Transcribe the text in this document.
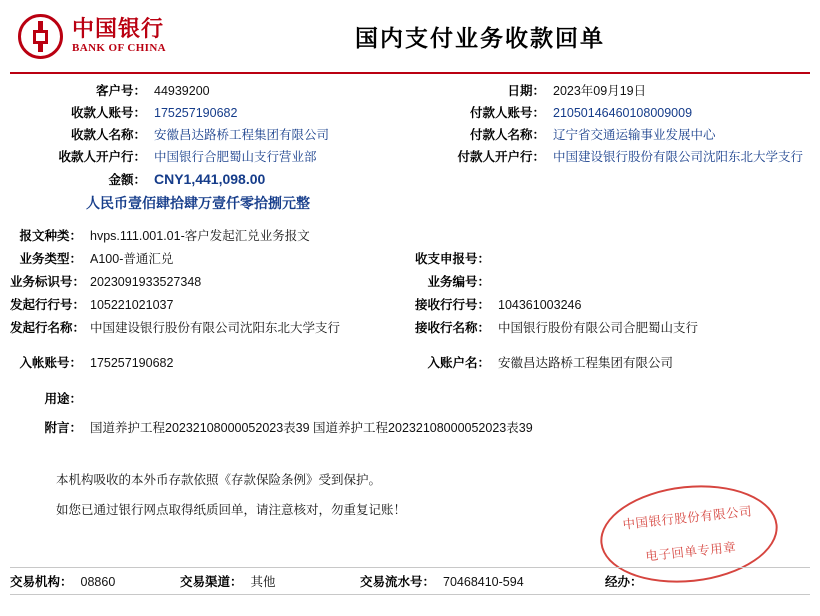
中国银行
BANK OF CHINA	国内支付业务收款回单
客户号： 44939200	日期： 2023年09月19日
收款人账号： 175257190682	付款人账号： 21050146460108009009
收款人名称： 安徽昌达路桥工程集团有限公司	付款人名称： 辽宁省交通运输事业发展中心
收款人开户行： 中国银行合肥蜀山支行营业部	付款人开户行： 中国建设银行股份有限公司沈阳东北大学支行
金额： CNY1,441,098.00
人民币壹佰肆拾肆万壹仟零拾捌元整
报文种类： hvps.111.001.01-客户发起汇兑业务报文
业务类型： A100-普通汇兑	收支申报号：
业务标识号： 2023091933527348	业务编号：
发起行行号： 105221021037	接收行行号： 104361003246
发起行名称： 中国建设银行股份有限公司沈阳东北大学支行	接收行名称： 中国银行股份有限公司合肥蜀山支行
入帐账号： 175257190682	入账户名： 安徽昌达路桥工程集团有限公司
用途：
附言： 国道养护工程20232108000052023表39 国道养护工程20232108000052023表39
本机构吸收的本外币存款依照《存款保险条例》受到保护。
如您已通过银行网点取得纸质回单，请注意核对，勿重复记账！	中国银行股份有限公司
电子回单专用章
交易机构： 08860	交易渠道： 其他	交易流水号： 70468410-594	经办：
